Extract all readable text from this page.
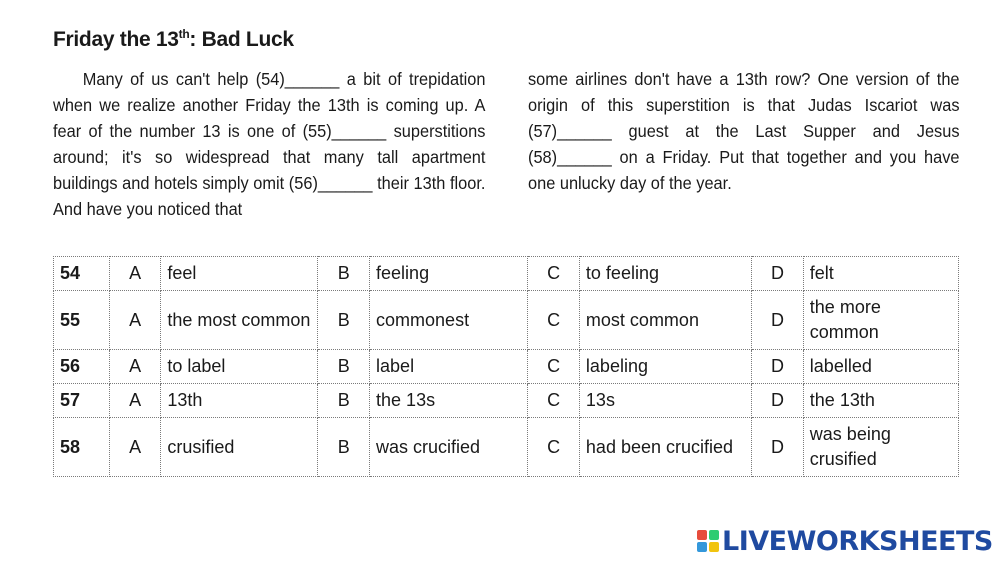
Friday the 13th: Bad Luck

Many of us can't help (54)______ a bit of trepidation when we realize another Friday the 13th is coming up. A fear of the number 13 is one of (55)______ superstitions around; it's so widespread that many tall apartment buildings and hotels simply omit (56)______ their 13th floor. And have you noticed that

some airlines don't have a 13th row? One version of the origin of this superstition is that Judas Iscariot was (57)______ guest at the Last Supper and Jesus (58)______ on a Friday. Put that together and you have one unlucky day of the year.

54	A	feel	B	feeling	C	to feeling	D	felt
55	A	the most common	B	commonest	C	most common	D	the more common
56	A	to label	B	label	C	labeling	D	labelled
57	A	13th	B	the 13s	C	13s	D	the 13th
58	A	crusified	B	was crucified	C	had been crucified	D	was being crusified
LIVEWORKSHEETS
